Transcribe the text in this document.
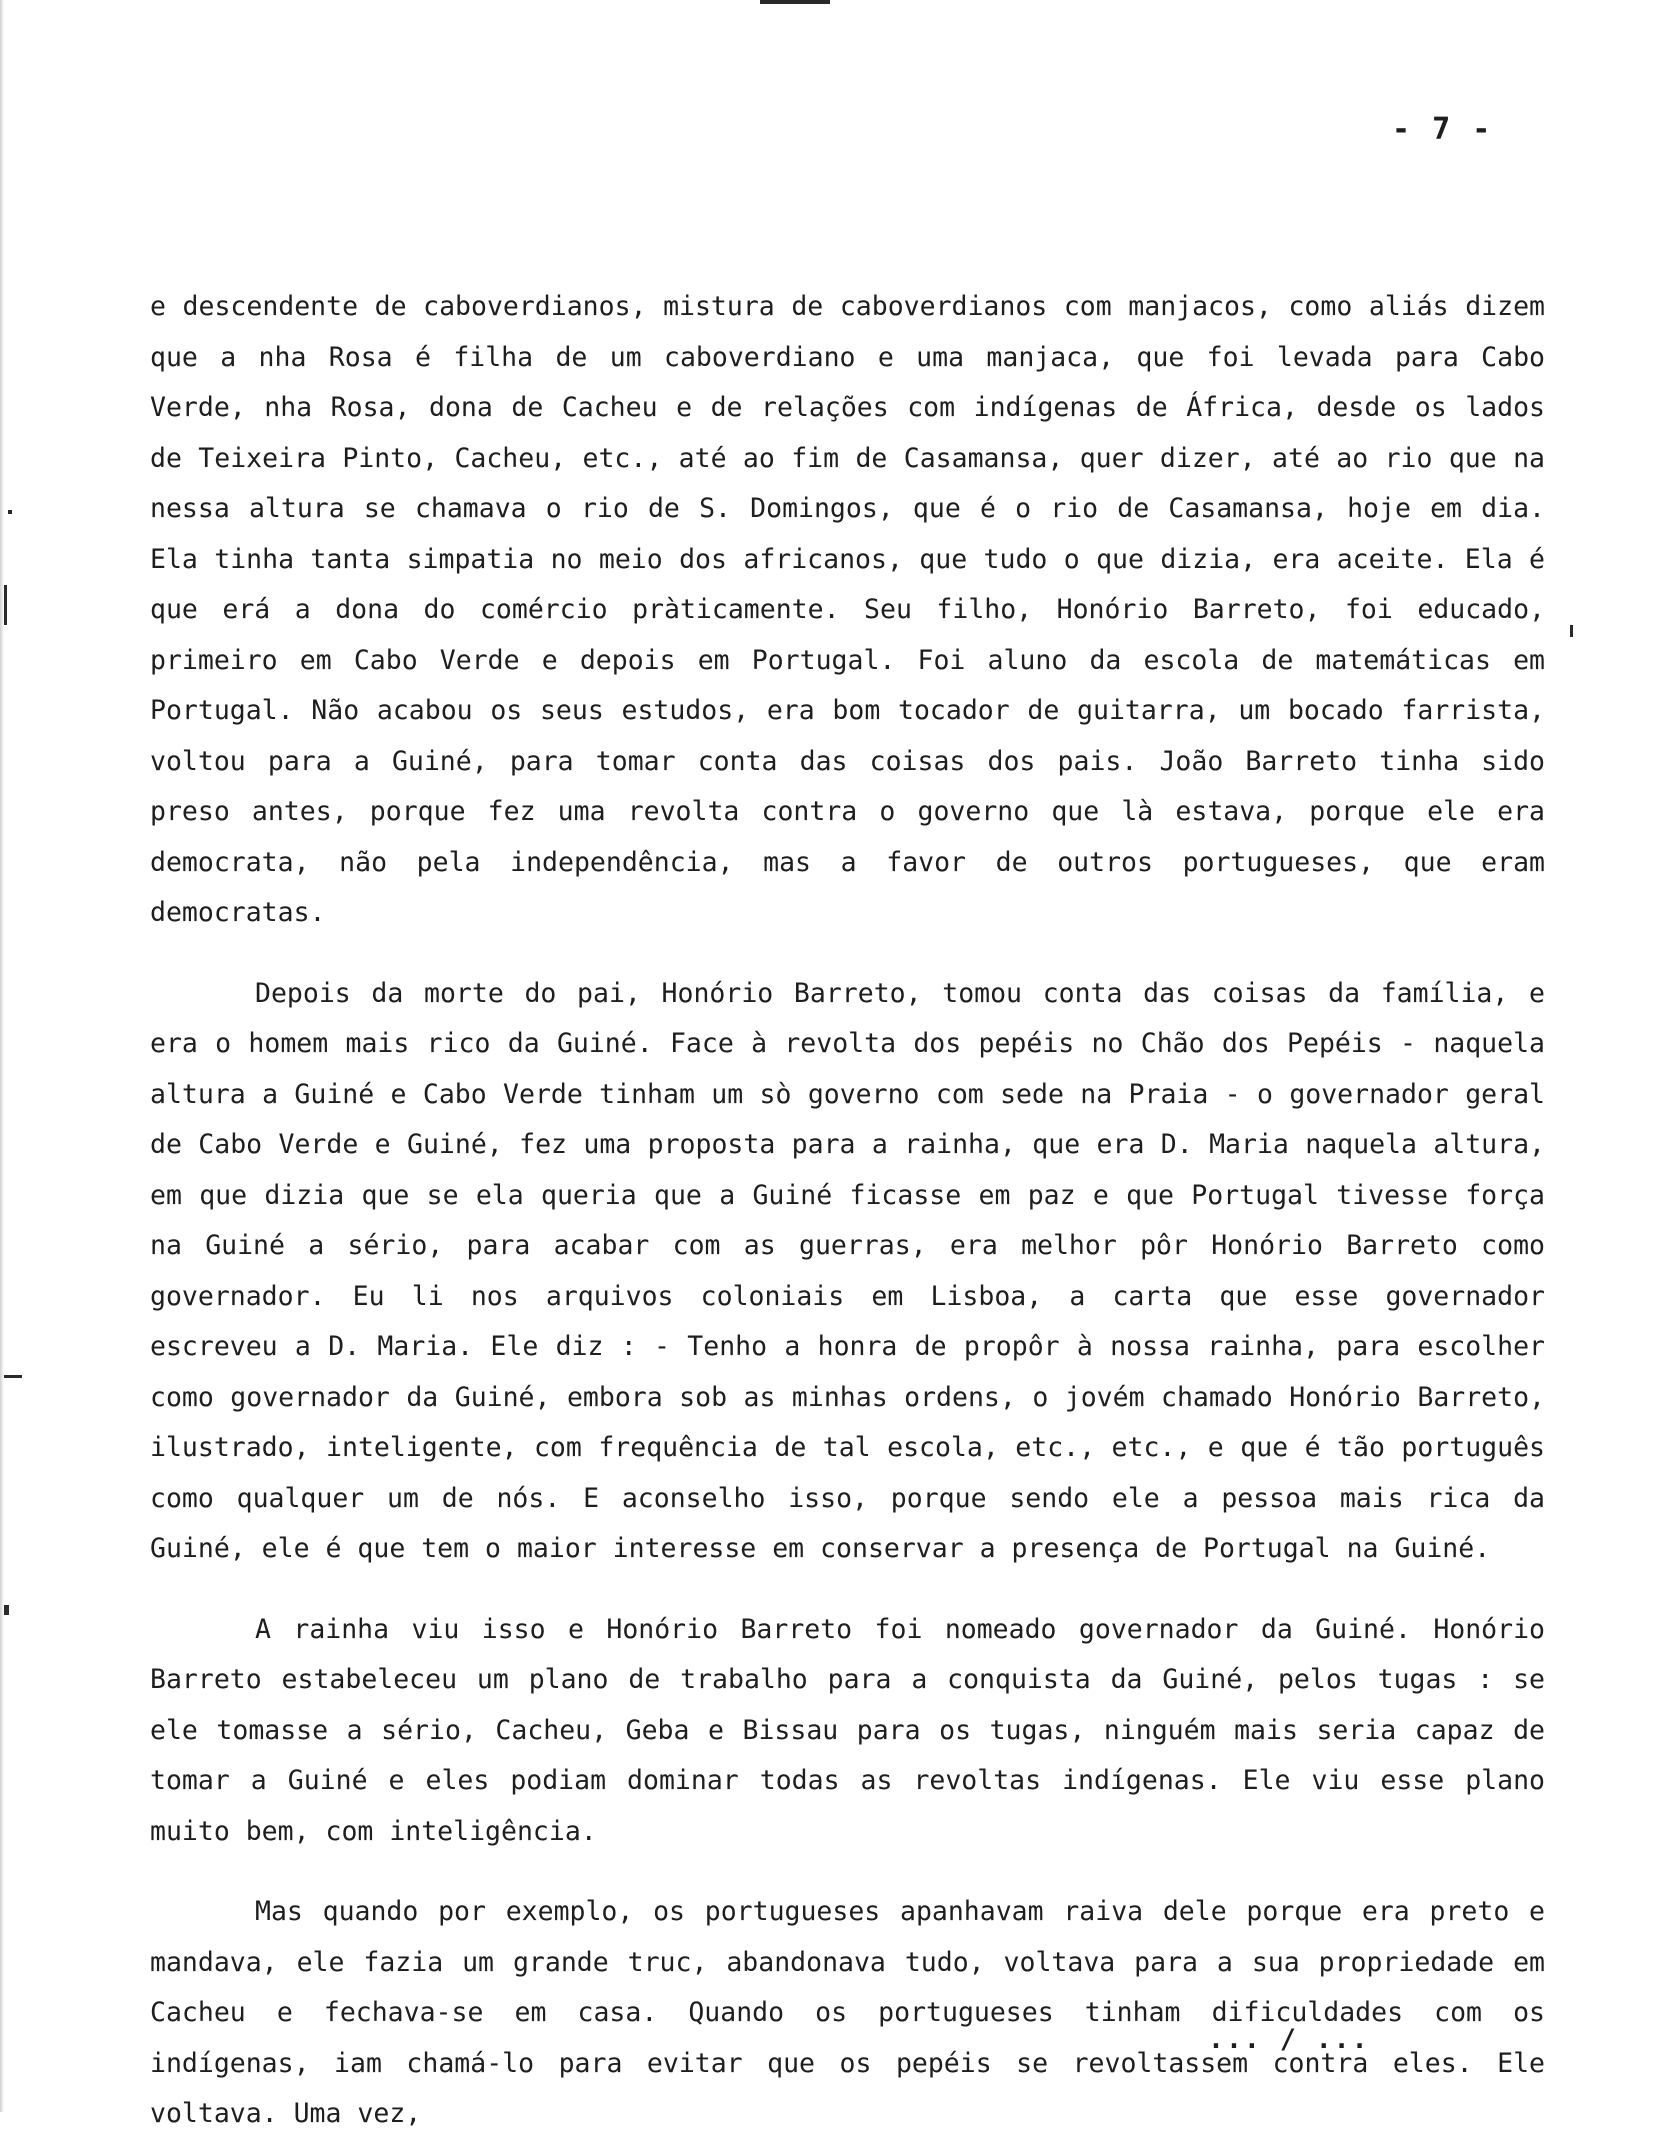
- 7 -

e descendente de caboverdianos, mistura de caboverdianos com manjacos, como aliás dizem que a nha Rosa é filha de um caboverdiano e uma manjaca, que foi levada para Cabo Verde, nha Rosa, dona de Cacheu e de relações com indígenas de África, desde os lados de Teixeira Pinto, Cacheu, etc., até ao fim de Casamansa, quer dizer, até ao rio que na nessa altura se chamava o rio de S. Domingos, que é o rio de Casamansa, hoje em dia. Ela tinha tanta simpatia no meio dos africanos, que tudo o que dizia, era aceite. Ela é que erá a dona do comércio pràticamente. Seu filho, Honório Barreto, foi educado, primeiro em Cabo Verde e depois em Portugal. Foi aluno da escola de matemáticas em Portugal. Não acabou os seus estudos, era bom tocador de guitarra, um bocado farrista, voltou para a Guiné, para tomar conta das coisas dos pais. João Barreto tinha sido preso antes, porque fez uma revolta contra o governo que là estava, porque ele era democrata, não pela independência, mas a favor de outros portugueses, que eram democratas.

Depois da morte do pai, Honório Barreto, tomou conta das coisas da família, e era o homem mais rico da Guiné. Face à revolta dos pepéis no Chão dos Pepéis - naquela altura a Guiné e Cabo Verde tinham um sò governo com sede na Praia - o governador geral de Cabo Verde e Guiné, fez uma proposta para a rainha, que era D. Maria naquela altura, em que dizia que se ela queria que a Guiné ficasse em paz e que Portugal tivesse força na Guiné a sério, para acabar com as guerras, era melhor pôr Honório Barreto como governador. Eu li nos arquivos coloniais em Lisboa, a carta que esse governador escreveu a D. Maria. Ele diz : - Tenho a honra de propôr à nossa rainha, para escolher como governador da Guiné, embora sob as minhas ordens, o jovém chamado Honório Barreto, ilustrado, inteligente, com frequência de tal escola, etc., etc., e que é tão português como qualquer um de nós. E aconselho isso, porque sendo ele a pessoa mais rica da Guiné, ele é que tem o maior interesse em conservar a presença de Portugal na Guiné.

A rainha viu isso e Honório Barreto foi nomeado governador da Guiné. Honório Barreto estabeleceu um plano de trabalho para a conquista da Guiné, pelos tugas : se ele tomasse a sério, Cacheu, Geba e Bissau para os tugas, ninguém mais seria capaz de tomar a Guiné e eles podiam dominar todas as revoltas indígenas. Ele viu esse plano muito bem, com inteligência.

Mas quando por exemplo, os portugueses apanhavam raiva dele porque era preto e mandava, ele fazia um grande truc, abandonava tudo, voltava para a sua propriedade em Cacheu e fechava-se em casa. Quando os portugueses tinham dificuldades com os indígenas, iam chamá-lo para evitar que os pepéis se revoltassem contra eles. Ele voltava. Uma vez,

... / ...
